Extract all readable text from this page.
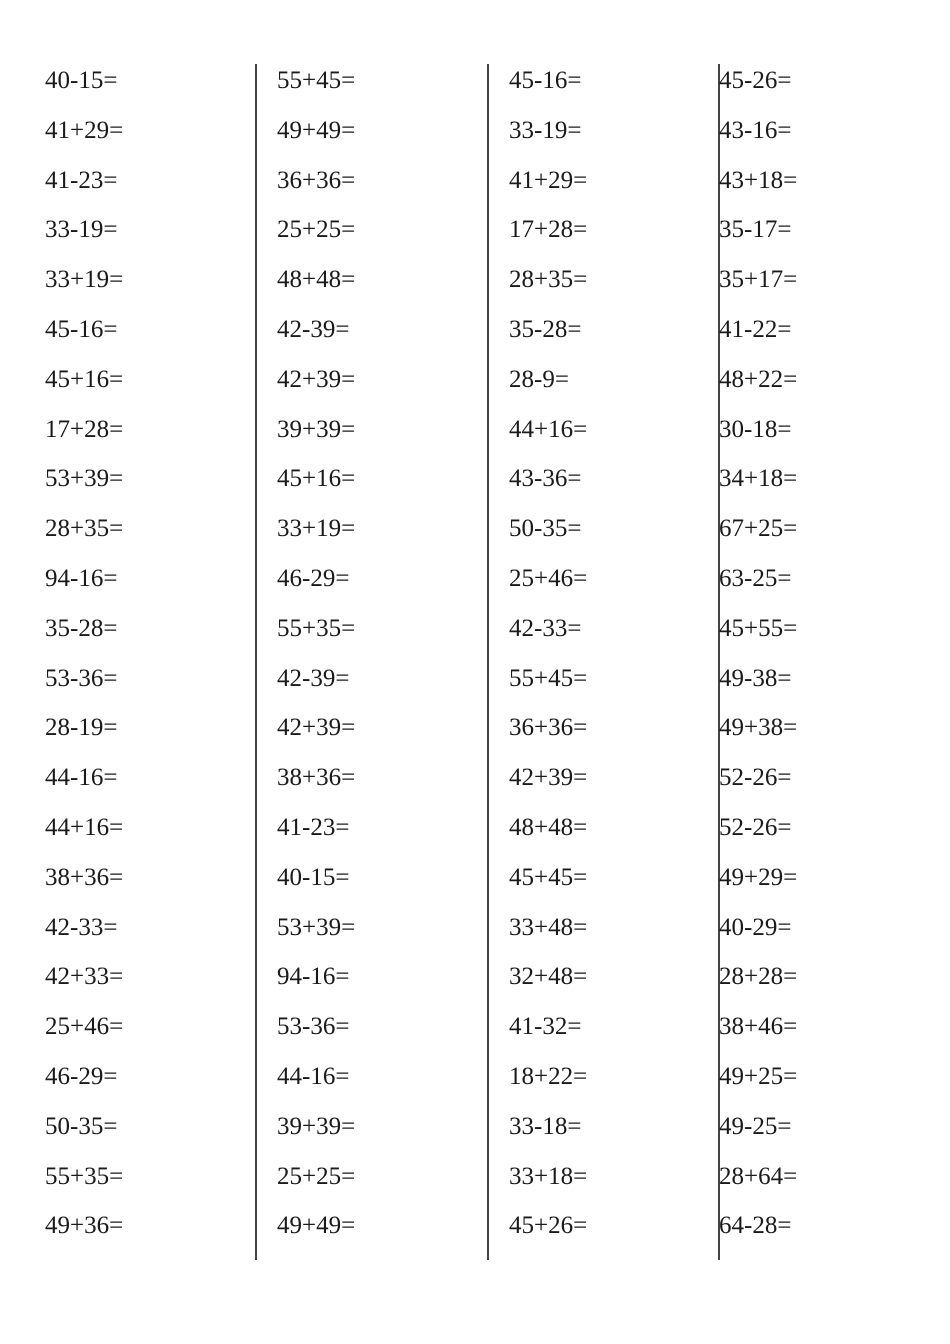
40-15=
41+29=
41-23=
33-19=
33+19=
45-16=
45+16=
17+28=
53+39=
28+35=
94-16=
35-28=
53-36=
28-19=
44-16=
44+16=
38+36=
42-33=
42+33=
25+46=
46-29=
50-35=
55+35=
49+36=
55+45=
49+49=
36+36=
25+25=
48+48=
42-39=
42+39=
39+39=
45+16=
33+19=
46-29=
55+35=
42-39=
42+39=
38+36=
41-23=
40-15=
53+39=
94-16=
53-36=
44-16=
39+39=
25+25=
49+49=
45-16=
33-19=
41+29=
17+28=
28+35=
35-28=
28-9=
44+16=
43-36=
50-35=
25+46=
42-33=
55+45=
36+36=
42+39=
48+48=
45+45=
33+48=
32+48=
41-32=
18+22=
33-18=
33+18=
45+26=
45-26=
43-16=
43+18=
35-17=
35+17=
41-22=
48+22=
30-18=
34+18=
67+25=
63-25=
45+55=
49-38=
49+38=
52-26=
52-26=
49+29=
40-29=
28+28=
38+46=
49+25=
49-25=
28+64=
64-28=
